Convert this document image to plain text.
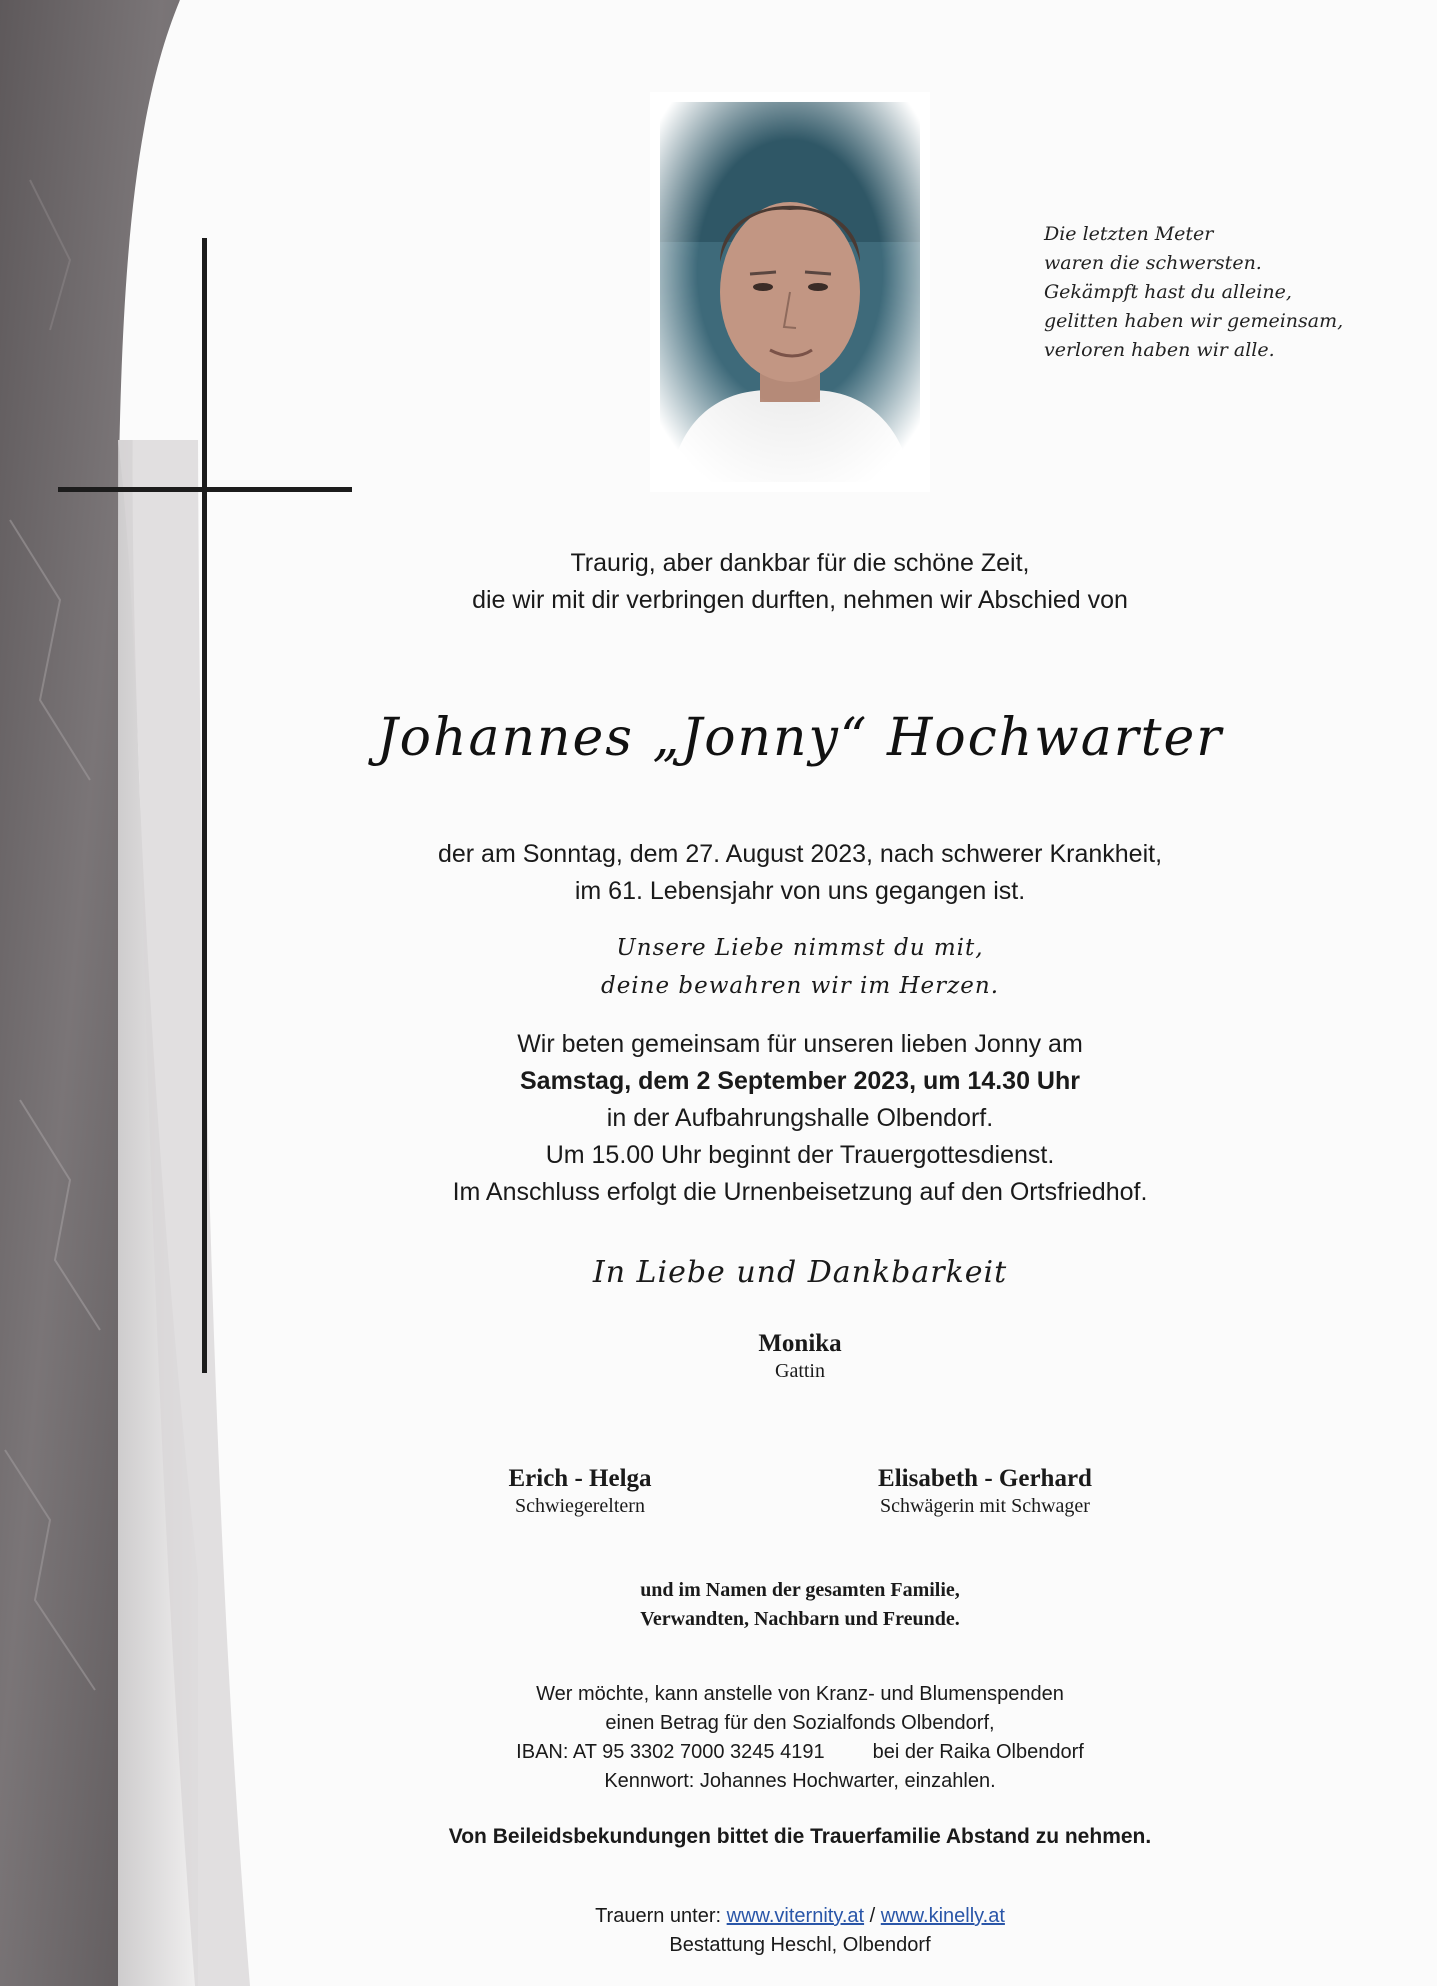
Die letzten Meter
waren die schwersten.
Gekämpft hast du alleine,
gelitten haben wir gemeinsam,
verloren haben wir alle.
Traurig, aber dankbar für die schöne Zeit,
die wir mit dir verbringen durften, nehmen wir Abschied von
Johannes „Jonny“ Hochwarter
der am Sonntag, dem 27. August 2023, nach schwerer Krankheit,
im 61. Lebensjahr von uns gegangen ist.
Unsere Liebe nimmst du mit,
deine bewahren wir im Herzen.
Wir beten gemeinsam für unseren lieben Jonny am
Samstag, dem 2 September 2023, um 14.30 Uhr
in der Aufbahrungshalle Olbendorf.
Um 15.00 Uhr beginnt der Trauergottesdienst.
Im Anschluss erfolgt die Urnenbeisetzung auf den Ortsfriedhof.
In Liebe und Dankbarkeit
Monika
Gattin
Erich - Helga
Schwiegereltern
Elisabeth - Gerhard
Schwägerin mit Schwager
und im Namen der gesamten Familie,
Verwandten, Nachbarn und Freunde.
Wer möchte, kann anstelle von Kranz- und Blumenspenden
einen Betrag für den Sozialfonds Olbendorf,
IBAN: AT 95 3302 7000 3245 4191 bei der Raika Olbendorf
Kennwort: Johannes Hochwarter, einzahlen.
Von Beileidsbekundungen bittet die Trauerfamilie Abstand zu nehmen.
Trauern unter: www.viternity.at / www.kinelly.at
Bestattung Heschl, Olbendorf
